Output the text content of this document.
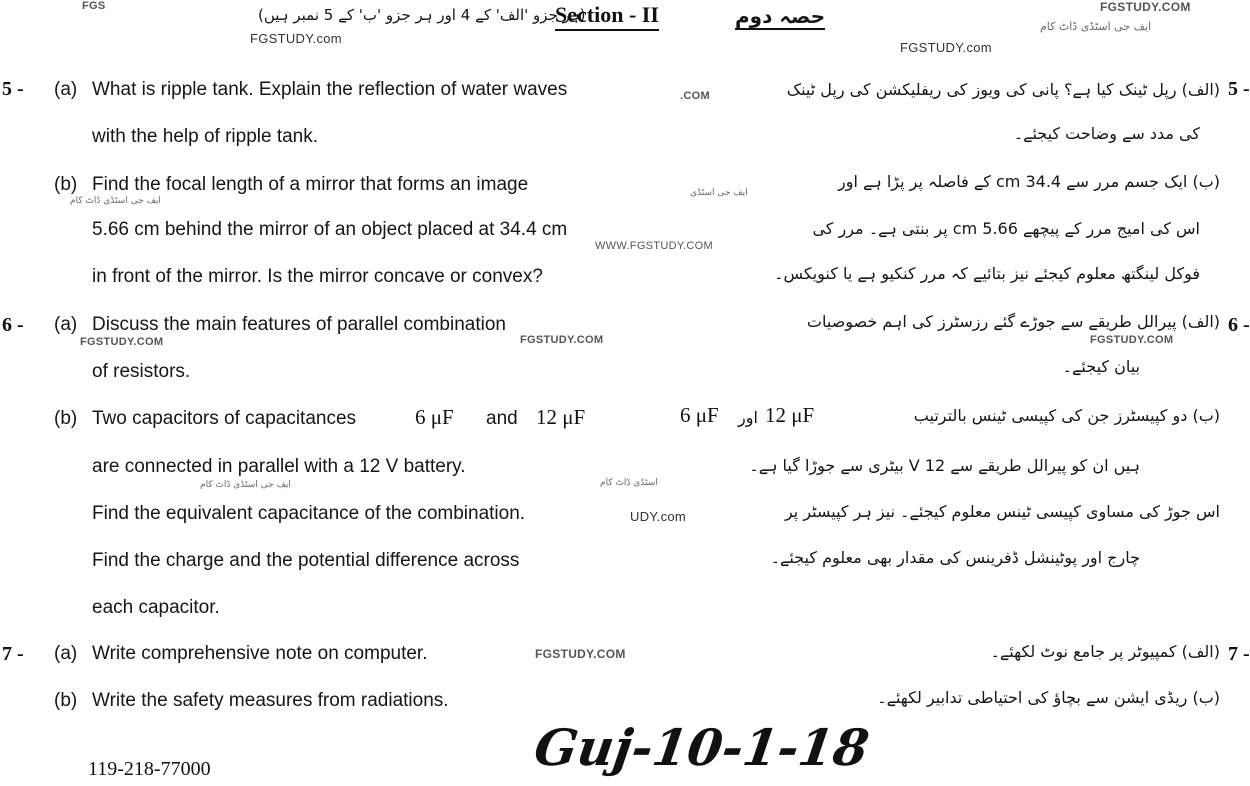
FGS
FGSTUDY.com
(ہر جزو 'الف' کے 4 اور ہر جزو 'ب' کے 5 نمبر ہیں)
Section - II	حصہ دوم	FGSTUDY.COM
ایف جی اسٹڈی ڈاٹ کام
FGSTUDY.com
5 - (a) What is ripple tank. Explain the reflection of water waves
with the help of ripple tank.
.COM	(الف) رپل ٹینک کیا ہے؟ پانی کی ویوز کی ریفلیکشن کی رپل ٹینک
کی مدد سے وضاحت کیجئے۔
5 -
(b) Find the focal length of a mirror that forms an image
ایف جی اسٹڈی ڈاٹ کام
ایف جی اسٹڈی
(ب) ایک جسم مرر سے 34.4 cm کے فاصلہ پر پڑا ہے اور
5.66 cm behind the mirror of an object placed at 34.4 cm
WWW.FGSTUDY.COM
اس کی امیج مرر کے پیچھے 5.66 cm پر بنتی ہے۔ مرر کی
in front of the mirror. Is the mirror concave or convex?	فوکل لینگتھ معلوم کیجئے نیز بتائیے کہ مرر کنکیو ہے یا کنویکس۔
6 - (a) Discuss the main features of parallel combination
FGSTUDY.COM	FGSTUDY.COM	FGSTUDY.COM
(الف) پیرالل طریقے سے جوڑے گئے رزسٹرز کی اہم خصوصیات 6 -
of resistors.	بیان کیجئے۔
(b) Two capacitors of capacitances	6 μF and 12 μF	(ب) دو کپیسٹرز جن کی کپیسی ٹینس بالترتیب
12 μF
اور
6 μF
are connected in parallel with a 12 V battery.
ایف جی اسٹڈی ڈاٹ کام
ہیں ان کو پیرالل طریقے سے 12 V بیٹری سے جوڑا گیا ہے۔
اسٹڈی ڈاٹ کام
Find the equivalent capacitance of the combination.	UDY.com	اس جوڑ کی مساوی کپیسی ٹینس معلوم کیجئے۔ نیز ہر کپیسٹر پر
Find the charge and the potential difference across	چارج اور پوٹینشل ڈفرینس کی مقدار بھی معلوم کیجئے۔
each capacitor.
7 - (a) Write comprehensive note on computer.	FGSTUDY.COM	(الف) کمپیوٹر پر جامع نوٹ لکھئے۔ 7 -
(b) Write the safety measures from radiations.	(ب) ریڈی ایشن سے بچاؤ کی احتیاطی تدابیر لکھئے۔
119-218-77000	Guj-10-1-18
